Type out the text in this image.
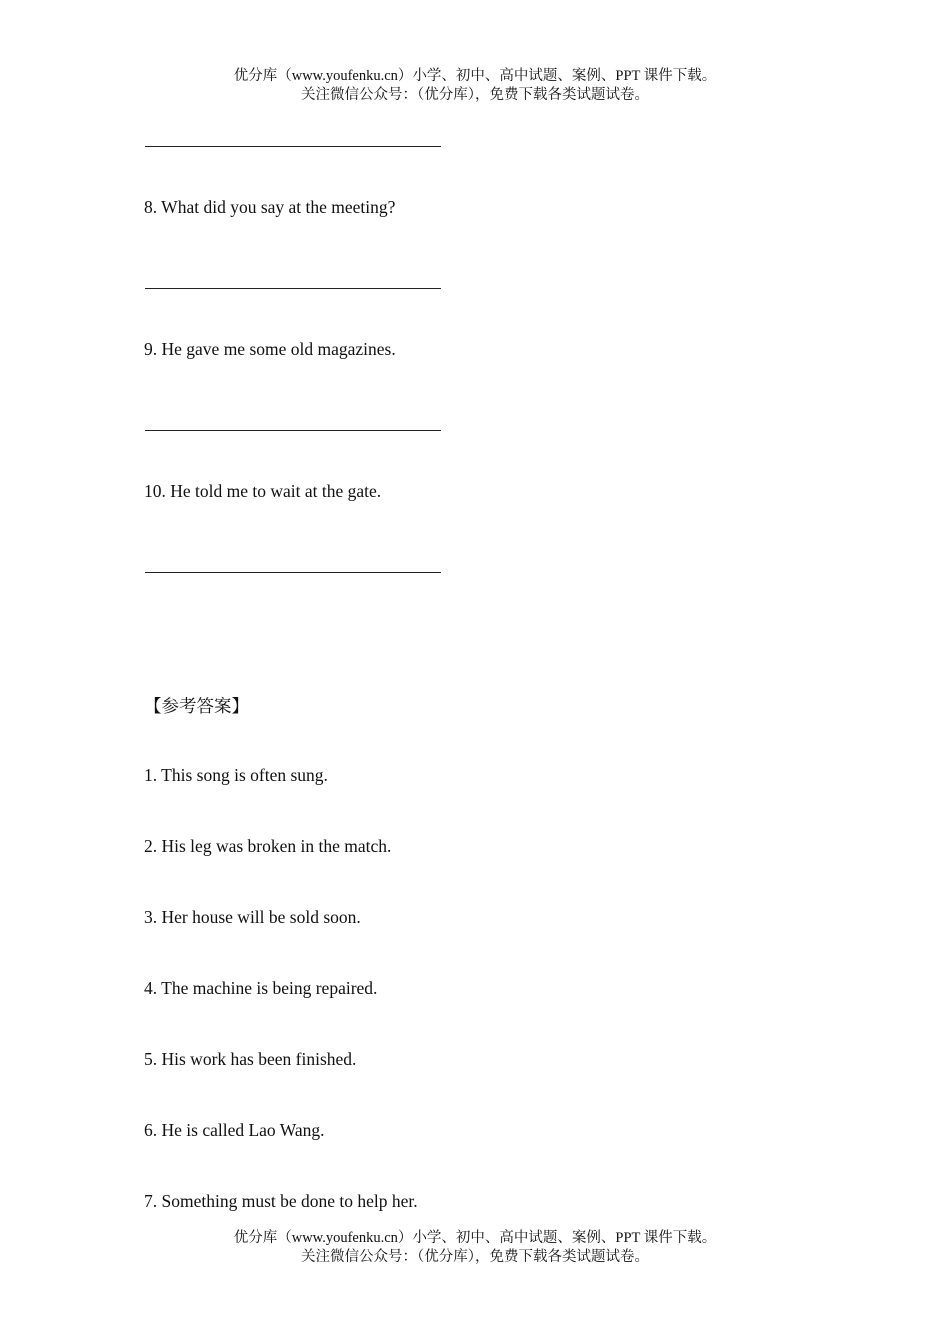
优分库（www.youfenku.cn）小学、初中、高中试题、案例、PPT 课件下载。
关注微信公众号：（优分库），免费下载各类试题试卷。
8. What did you say at the meeting?
9. He gave me some old magazines.
10. He told me to wait at the gate.
【参考答案】
1. This song is often sung.
2. His leg was broken in the match.
3. Her house will be sold soon.
4. The machine is being repaired.
5. His work has been finished.
6. He is called Lao Wang.
7. Something must be done to help her.
优分库（www.youfenku.cn）小学、初中、高中试题、案例、PPT 课件下载。
关注微信公众号：（优分库），免费下载各类试题试卷。
